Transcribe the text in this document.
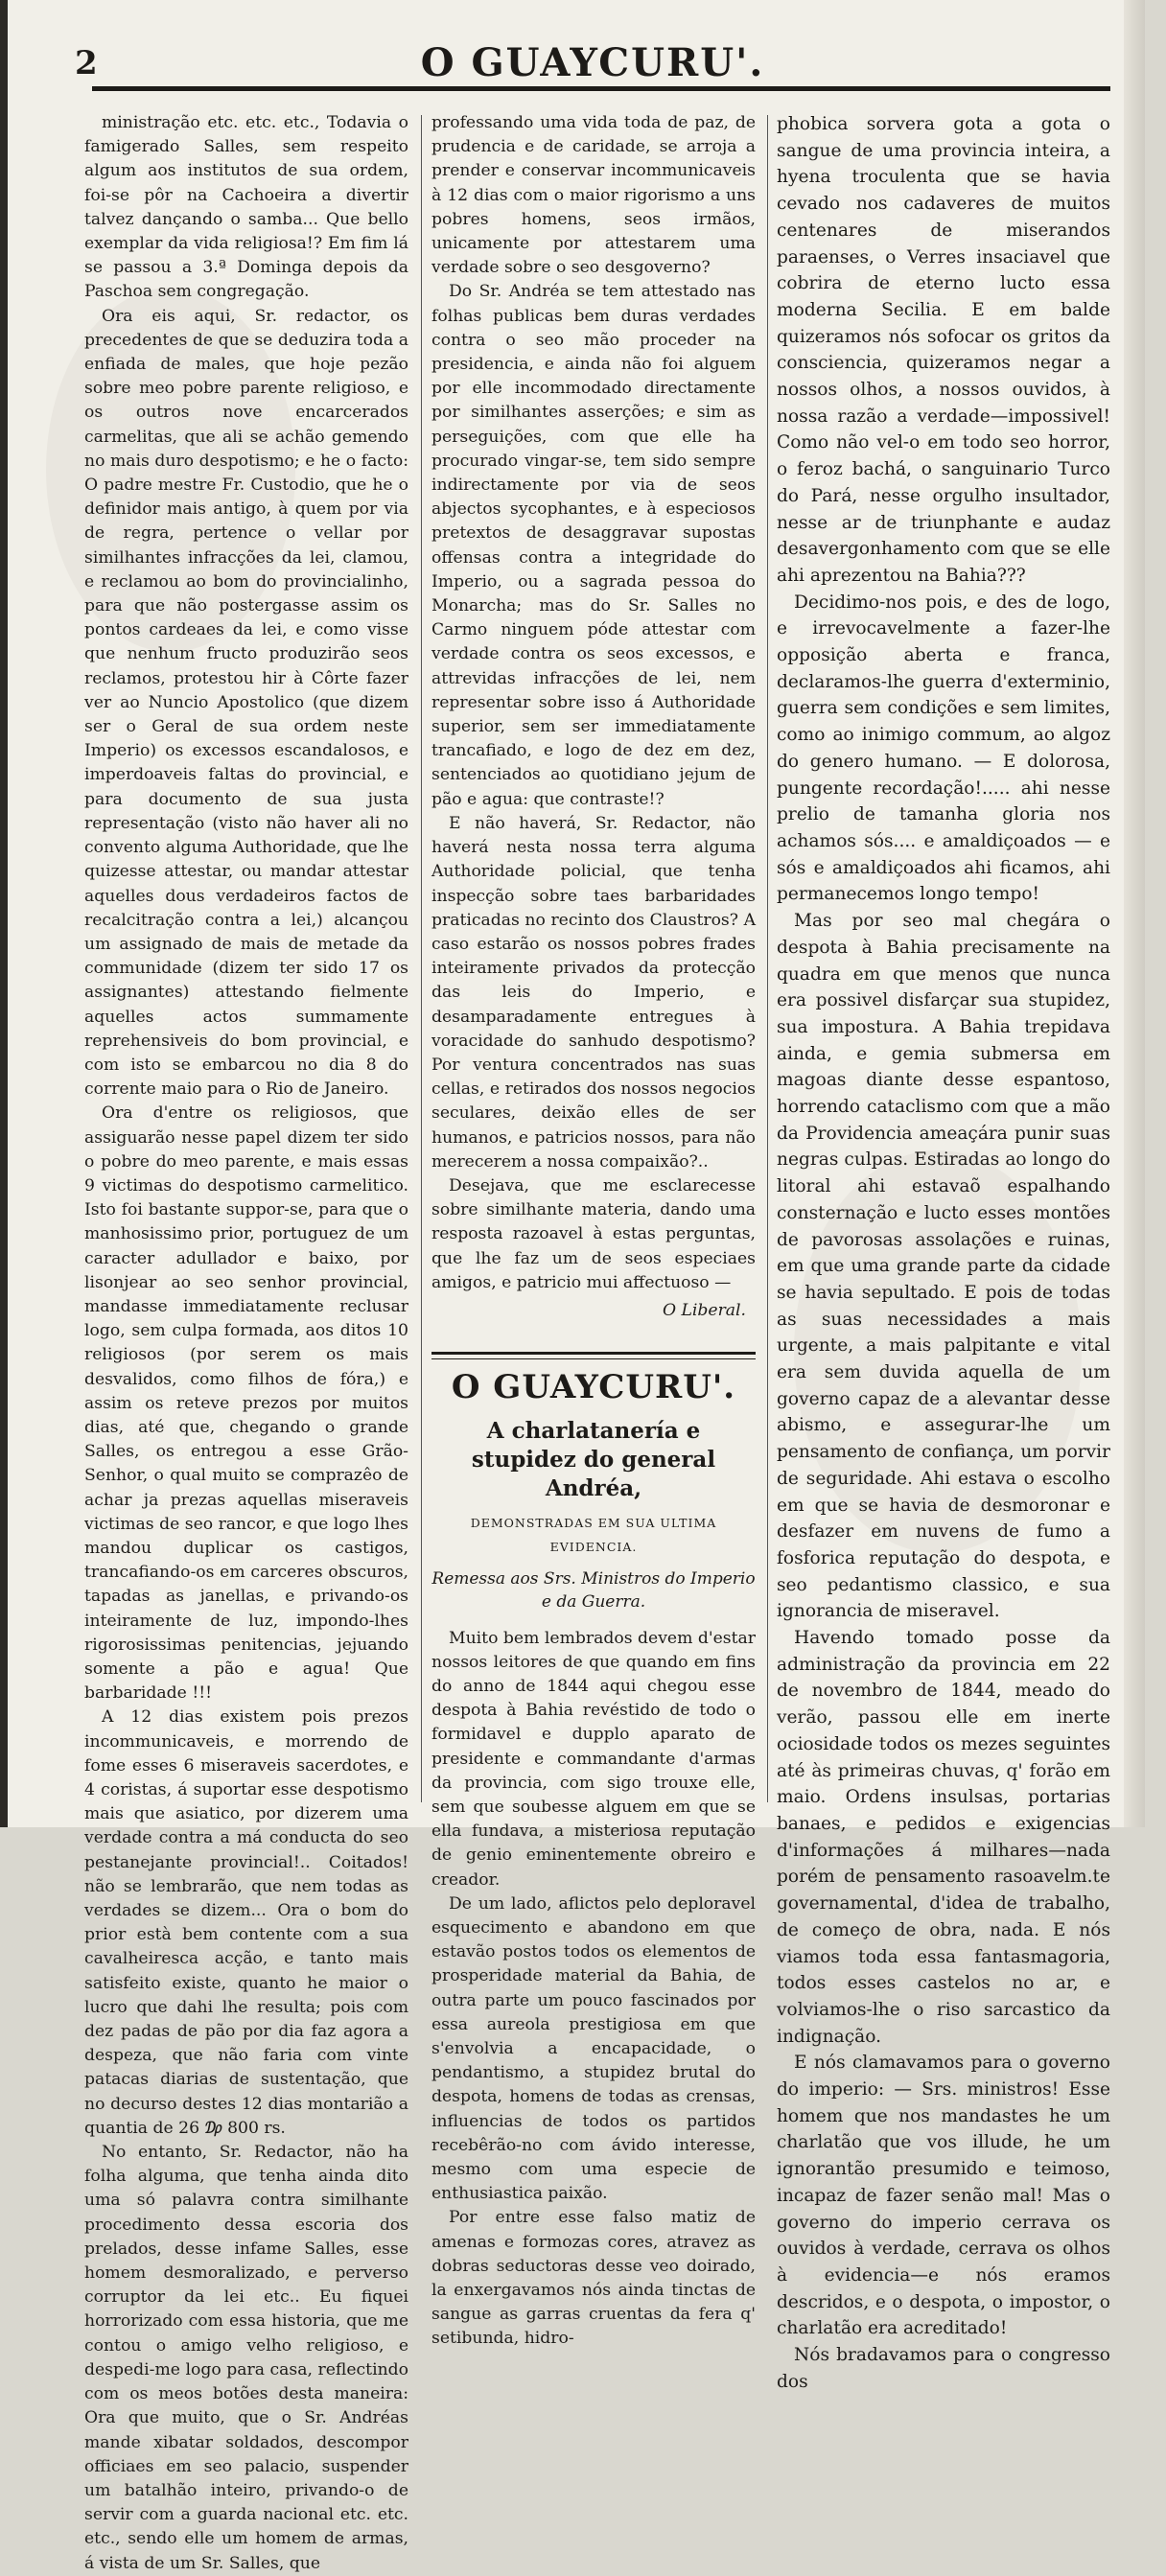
2	O GUAYCURU'.

ministração etc. etc. etc., Todavia o famigerado Salles, sem respeito algum aos institutos de sua ordem, foi-se pôr na Cachoeira a divertir talvez dançando o samba... Que bello exemplar da vida religiosa!? Em fim lá se passou a 3.ª Dominga depois da Paschoa sem congregação.

Ora eis aqui, Sr. redactor, os precedentes de que se deduzira toda a enfiada de males, que hoje pezão sobre meo pobre parente religioso, e os outros nove encarcerados carmelitas, que ali se achão gemendo no mais duro despotismo; e he o facto: O padre mestre Fr. Custodio, que he o definidor mais antigo, à quem por via de regra, pertence o vellar por similhantes infracções da lei, clamou, e reclamou ao bom do provincialinho, para que não postergasse assim os pontos cardeaes da lei, e como visse que nenhum fructo produzirão seos reclamos, protestou hir à Côrte fazer ver ao Nuncio Apostolico (que dizem ser o Geral de sua ordem neste Imperio) os excessos escandalosos, e imperdoaveis faltas do provincial, e para documento de sua justa representação (visto não haver ali no convento alguma Authoridade, que lhe quizesse attestar, ou mandar attestar aquelles dous verdadeiros factos de recalcitração contra a lei,) alcançou um assignado de mais de metade da communidade (dizem ter sido 17 os assignantes) attestando fielmente aquelles actos summamente reprehensiveis do bom provincial, e com isto se embarcou no dia 8 do corrente maio para o Rio de Janeiro.

Ora d'entre os religiosos, que assiguarão nesse papel dizem ter sido o pobre do meo parente, e mais essas 9 victimas do despotismo carmelitico. Isto foi bastante suppor-se, para que o manhosissimo prior, portuguez de um caracter adullador e baixo, por lisonjear ao seo senhor provincial, mandasse immediatamente reclusar logo, sem culpa formada, aos ditos 10 religiosos (por serem os mais desvalidos, como filhos de fóra,) e assim os reteve prezos por muitos dias, até que, chegando o grande Salles, os entregou a esse Grão-Senhor, o qual muito se comprazêo de achar ja prezas aquellas miseraveis victimas de seo rancor, e que logo lhes mandou duplicar os castigos, trancafiando-os em carceres obscuros, tapadas as janellas, e privando-os inteiramente de luz, impondo-lhes rigorosissimas penitencias, jejuando somente a pão e agua! Que barbaridade !!!

A 12 dias existem pois prezos incommunicaveis, e morrendo de fome esses 6 miseraveis sacerdotes, e 4 coristas, á suportar esse despotismo mais que asiatico, por dizerem uma verdade contra a má conducta do seo pestanejante provincial!.. Coitados! não se lembrarão, que nem todas as verdades se dizem... Ora o bom do prior està bem contente com a sua cavalheiresca acção, e tanto mais satisfeito existe, quanto he maior o lucro que dahi lhe resulta; pois com dez padas de pão por dia faz agora a despeza, que não faria com vinte patacas diarias de sustentação, que no decurso destes 12 dias montarião a quantia de 26 ₯ 800 rs.

No entanto, Sr. Redactor, não ha folha alguma, que tenha ainda dito uma só palavra contra similhante procedimento dessa escoria dos prelados, desse infame Salles, esse homem desmoralizado, e perverso corruptor da lei etc.. Eu fiquei horrorizado com essa historia, que me contou o amigo velho religioso, e despedi-me logo para casa, reflectindo com os meos botões desta maneira: Ora que muito, que o Sr. Andréas mande xibatar soldados, descompor officiaes em seo palacio, suspender um batalhão inteiro, privando-o de servir com a guarda nacional etc. etc. etc., sendo elle um homem de armas, á vista de um Sr. Salles, que

professando uma vida toda de paz, de prudencia e de caridade, se arroja a prender e conservar incommunicaveis à 12 dias com o maior rigorismo a uns pobres homens, seos irmãos, unicamente por attestarem uma verdade sobre o seo desgoverno?

Do Sr. Andréa se tem attestado nas folhas publicas bem duras verdades contra o seo mão proceder na presidencia, e ainda não foi alguem por elle incommodado directamente por similhantes asserções; e sim as perseguições, com que elle ha procurado vingar-se, tem sido sempre indirectamente por via de seos abjectos sycophantes, e à especiosos pretextos de desaggravar supostas offensas contra a integridade do Imperio, ou a sagrada pessoa do Monarcha; mas do Sr. Salles no Carmo ninguem póde attestar com verdade contra os seos excessos, e attrevidas infracções de lei, nem representar sobre isso á Authoridade superior, sem ser immediatamente trancafiado, e logo de dez em dez, sentenciados ao quotidiano jejum de pão e agua: que contraste!?

E não haverá, Sr. Redactor, não haverá nesta nossa terra alguma Authoridade policial, que tenha inspecção sobre taes barbaridades praticadas no recinto dos Claustros? A caso estarão os nossos pobres frades inteiramente privados da protecção das leis do Imperio, e desamparadamente entregues à voracidade do sanhudo despotismo? Por ventura concentrados nas suas cellas, e retirados dos nossos negocios seculares, deixão elles de ser humanos, e patricios nossos, para não merecerem a nossa compaixão?..

Desejava, que me esclarecesse sobre similhante materia, dando uma resposta razoavel à estas perguntas, que lhe faz um de seos especiaes amigos, e patricio mui affectuoso —

O Liberal.

O GUAYCURU'.
A charlatanería e stupidez do general Andréa,
DEMONSTRADAS EM SUA ULTIMA EVIDENCIA.
Remessa aos Srs. Ministros do Imperio e da Guerra.

Muito bem lembrados devem d'estar nossos leitores de que quando em fins do anno de 1844 aqui chegou esse despota à Bahia revéstido de todo o formidavel e dupplo aparato de presidente e commandante d'armas da provincia, com sigo trouxe elle, sem que soubesse alguem em que se ella fundava, a misteriosa reputação de genio eminentemente obreiro e creador.

De um lado, aflictos pelo deploravel esquecimento e abandono em que estavão postos todos os elementos de prosperidade material da Bahia, de outra parte um pouco fascinados por essa aureola prestigiosa em que s'envolvia a encapacidade, o pendantismo, a stupidez brutal do despota, homens de todas as crensas, influencias de todos os partidos recebêrão-no com ávido interesse, mesmo com uma especie de enthusiastica paixão.

Por entre esse falso matiz de amenas e formozas cores, atravez as dobras seductoras desse veo doirado, la enxergavamos nós ainda tinctas de sangue as garras cruentas da fera q' setibunda, hidro-

phobica sorvera gota a gota o sangue de uma provincia inteira, a hyena troculenta que se havia cevado nos cadaveres de muitos centenares de miserandos paraenses, o Verres insaciavel que cobrira de eterno lucto essa moderna Secilia. E em balde quizeramos nós sofocar os gritos da consciencia, quizeramos negar a nossos olhos, a nossos ouvidos, à nossa razão a verdade—impossivel! Como não vel-o em todo seo horror, o feroz bachá, o sanguinario Turco do Pará, nesse orgulho insultador, nesse ar de triunphante e audaz desavergonhamento com que se elle ahi aprezentou na Bahia???

Decidimo-nos pois, e des de logo, e irrevocavelmente a fazer-lhe opposição aberta e franca, declaramos-lhe guerra d'exterminio, guerra sem condições e sem limites, como ao inimigo commum, ao algoz do genero humano. — E dolorosa, pungente recordação!..... ahi nesse prelio de tamanha gloria nos achamos sós.... e amaldiçoados — e sós e amaldiçoados ahi ficamos, ahi permanecemos longo tempo!

Mas por seo mal chegára o despota à Bahia precisamente na quadra em que menos que nunca era possivel disfarçar sua stupidez, sua impostura. A Bahia trepidava ainda, e gemia submersa em magoas diante desse espantoso, horrendo cataclismo com que a mão da Providencia ameaçára punir suas negras culpas. Estiradas ao longo do litoral ahi estavaõ espalhando consternação e lucto esses montões de pavorosas assolações e ruinas, em que uma grande parte da cidade se havia sepultado. E pois de todas as suas necessidades a mais urgente, a mais palpitante e vital era sem duvida aquella de um governo capaz de a alevantar desse abismo, e assegurar-lhe um pensamento de confiança, um porvir de seguridade. Ahi estava o escolho em que se havia de desmoronar e desfazer em nuvens de fumo a fosforica reputação do despota, e seo pedantismo classico, e sua ignorancia de miseravel.

Havendo tomado posse da administração da provincia em 22 de novembro de 1844, meado do verão, passou elle em inerte ociosidade todos os mezes seguintes até às primeiras chuvas, q' forão em maio. Ordens insulsas, portarias banaes, e pedidos e exigencias d'informações á milhares—nada porém de pensamento rasoavelm.te governamental, d'idea de trabalho, de começo de obra, nada. E nós viamos toda essa fantasmagoria, todos esses castelos no ar, e volviamos-lhe o riso sarcastico da indignação.

E nós clamavamos para o governo do imperio: — Srs. ministros! Esse homem que nos mandastes he um charlatão que vos illude, he um ignorantão presumido e teimoso, incapaz de fazer senão mal! Mas o governo do imperio cerrava os ouvidos à verdade, cerrava os olhos à evidencia—e nós eramos descridos, e o despota, o impostor, o charlatão era acreditado!

Nós bradavamos para o congresso dos
